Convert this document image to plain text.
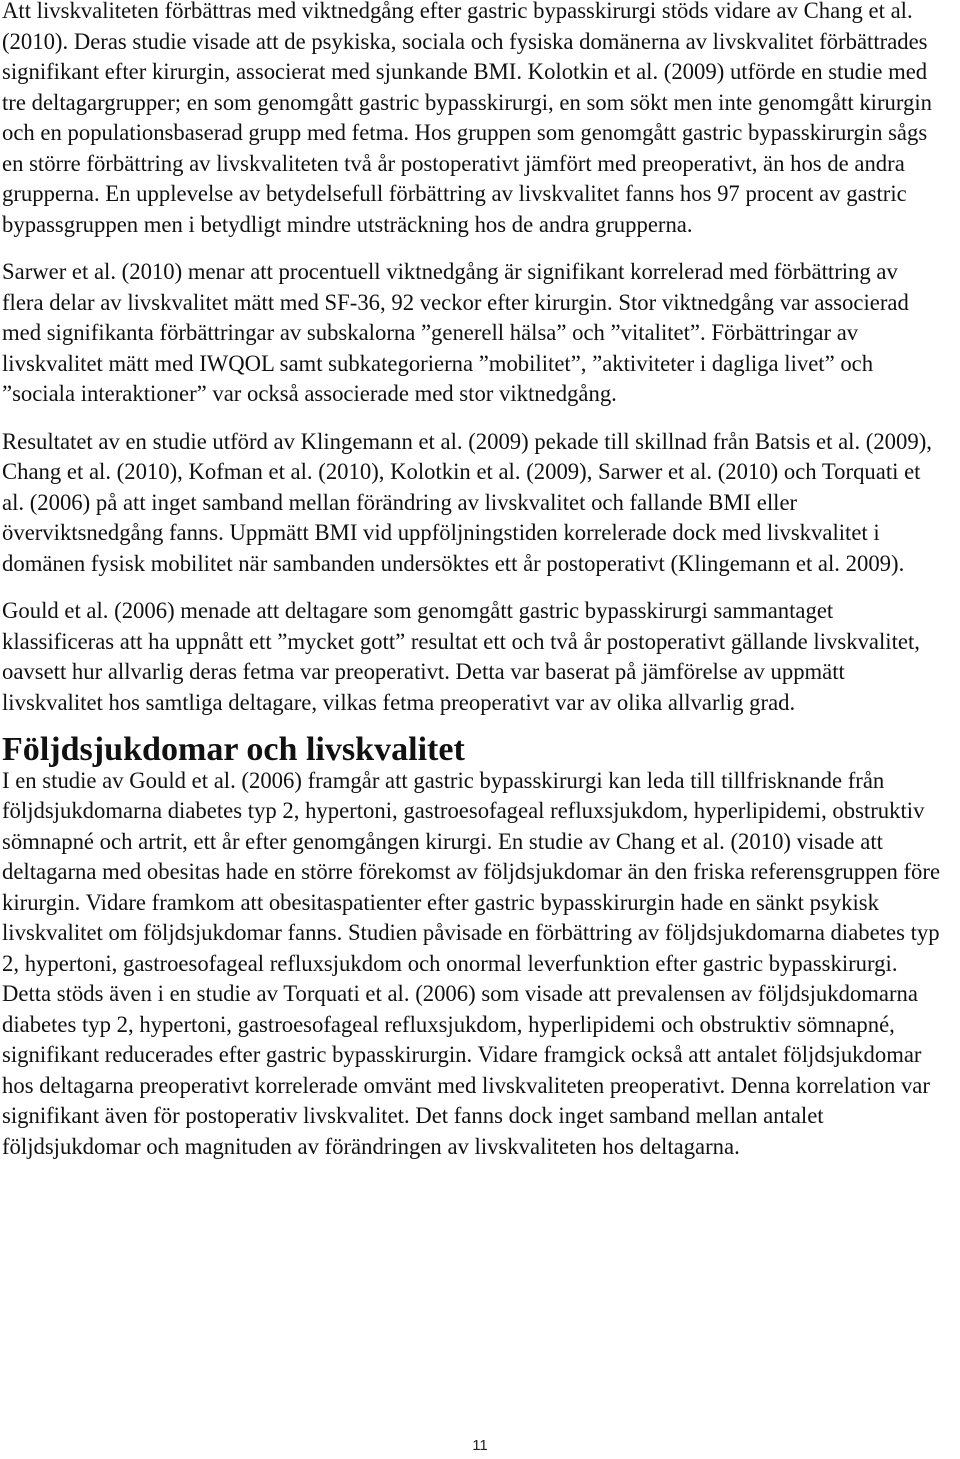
Att livskvaliteten förbättras med viktnedgång efter gastric bypasskirurgi stöds vidare av Chang et al. (2010). Deras studie visade att de psykiska, sociala och fysiska domänerna av livskvalitet förbättrades signifikant efter kirurgin, associerat med sjunkande BMI. Kolotkin et al. (2009) utförde en studie med tre deltagargrupper; en som genomgått gastric bypasskirurgi, en som sökt men inte genomgått kirurgin och en populationsbaserad grupp med fetma. Hos gruppen som genomgått gastric bypasskirurgin sågs en större förbättring av livskvaliteten två år postoperativt jämfört med preoperativt, än hos de andra grupperna. En upplevelse av betydelsefull förbättring av livskvalitet fanns hos 97 procent av gastric bypassgruppen men i betydligt mindre utsträckning hos de andra grupperna.

Sarwer et al. (2010) menar att procentuell viktnedgång är signifikant korrelerad med förbättring av flera delar av livskvalitet mätt med SF-36, 92 veckor efter kirurgin. Stor viktnedgång var associerad med signifikanta förbättringar av subskalorna ”generell hälsa” och ”vitalitet”. Förbättringar av livskvalitet mätt med IWQOL samt subkategorierna ”mobilitet”, ”aktiviteter i dagliga livet” och ”sociala interaktioner” var också associerade med stor viktnedgång.

Resultatet av en studie utförd av Klingemann et al. (2009) pekade till skillnad från Batsis et al. (2009), Chang et al. (2010), Kofman et al. (2010), Kolotkin et al. (2009), Sarwer et al. (2010) och Torquati et al. (2006) på att inget samband mellan förändring av livskvalitet och fallande BMI eller överviktsnedgång fanns. Uppmätt BMI vid uppföljningstiden korrelerade dock med livskvalitet i domänen fysisk mobilitet när sambanden undersöktes ett år postoperativt (Klingemann et al. 2009).

Gould et al. (2006) menade att deltagare som genomgått gastric bypasskirurgi sammantaget klassificeras att ha uppnått ett ”mycket gott” resultat ett och två år postoperativt gällande livskvalitet, oavsett hur allvarlig deras fetma var preoperativt. Detta var baserat på jämförelse av uppmätt livskvalitet hos samtliga deltagare, vilkas fetma preoperativt var av olika allvarlig grad.

Följdsjukdomar och livskvalitet

I en studie av Gould et al. (2006) framgår att gastric bypasskirurgi kan leda till tillfrisknande från följdsjukdomarna diabetes typ 2, hypertoni, gastroesofageal refluxsjukdom, hyperlipidemi, obstruktiv sömnapné och artrit, ett år efter genomgången kirurgi. En studie av Chang et al. (2010) visade att deltagarna med obesitas hade en större förekomst av följdsjukdomar än den friska referensgruppen före kirurgin. Vidare framkom att obesitaspatienter efter gastric bypasskirurgin hade en sänkt psykisk livskvalitet om följdsjukdomar fanns. Studien påvisade en förbättring av följdsjukdomarna diabetes typ 2, hypertoni, gastroesofageal refluxsjukdom och onormal leverfunktion efter gastric bypasskirurgi. Detta stöds även i en studie av Torquati et al. (2006) som visade att prevalensen av följdsjukdomarna diabetes typ 2, hypertoni, gastroesofageal refluxsjukdom, hyperlipidemi och obstruktiv sömnapné, signifikant reducerades efter gastric bypasskirurgin. Vidare framgick också att antalet följdsjukdomar hos deltagarna preoperativt korrelerade omvänt med livskvaliteten preoperativt. Denna korrelation var signifikant även för postoperativ livskvalitet. Det fanns dock inget samband mellan antalet följdsjukdomar och magnituden av förändringen av livskvaliteten hos deltagarna.

11
